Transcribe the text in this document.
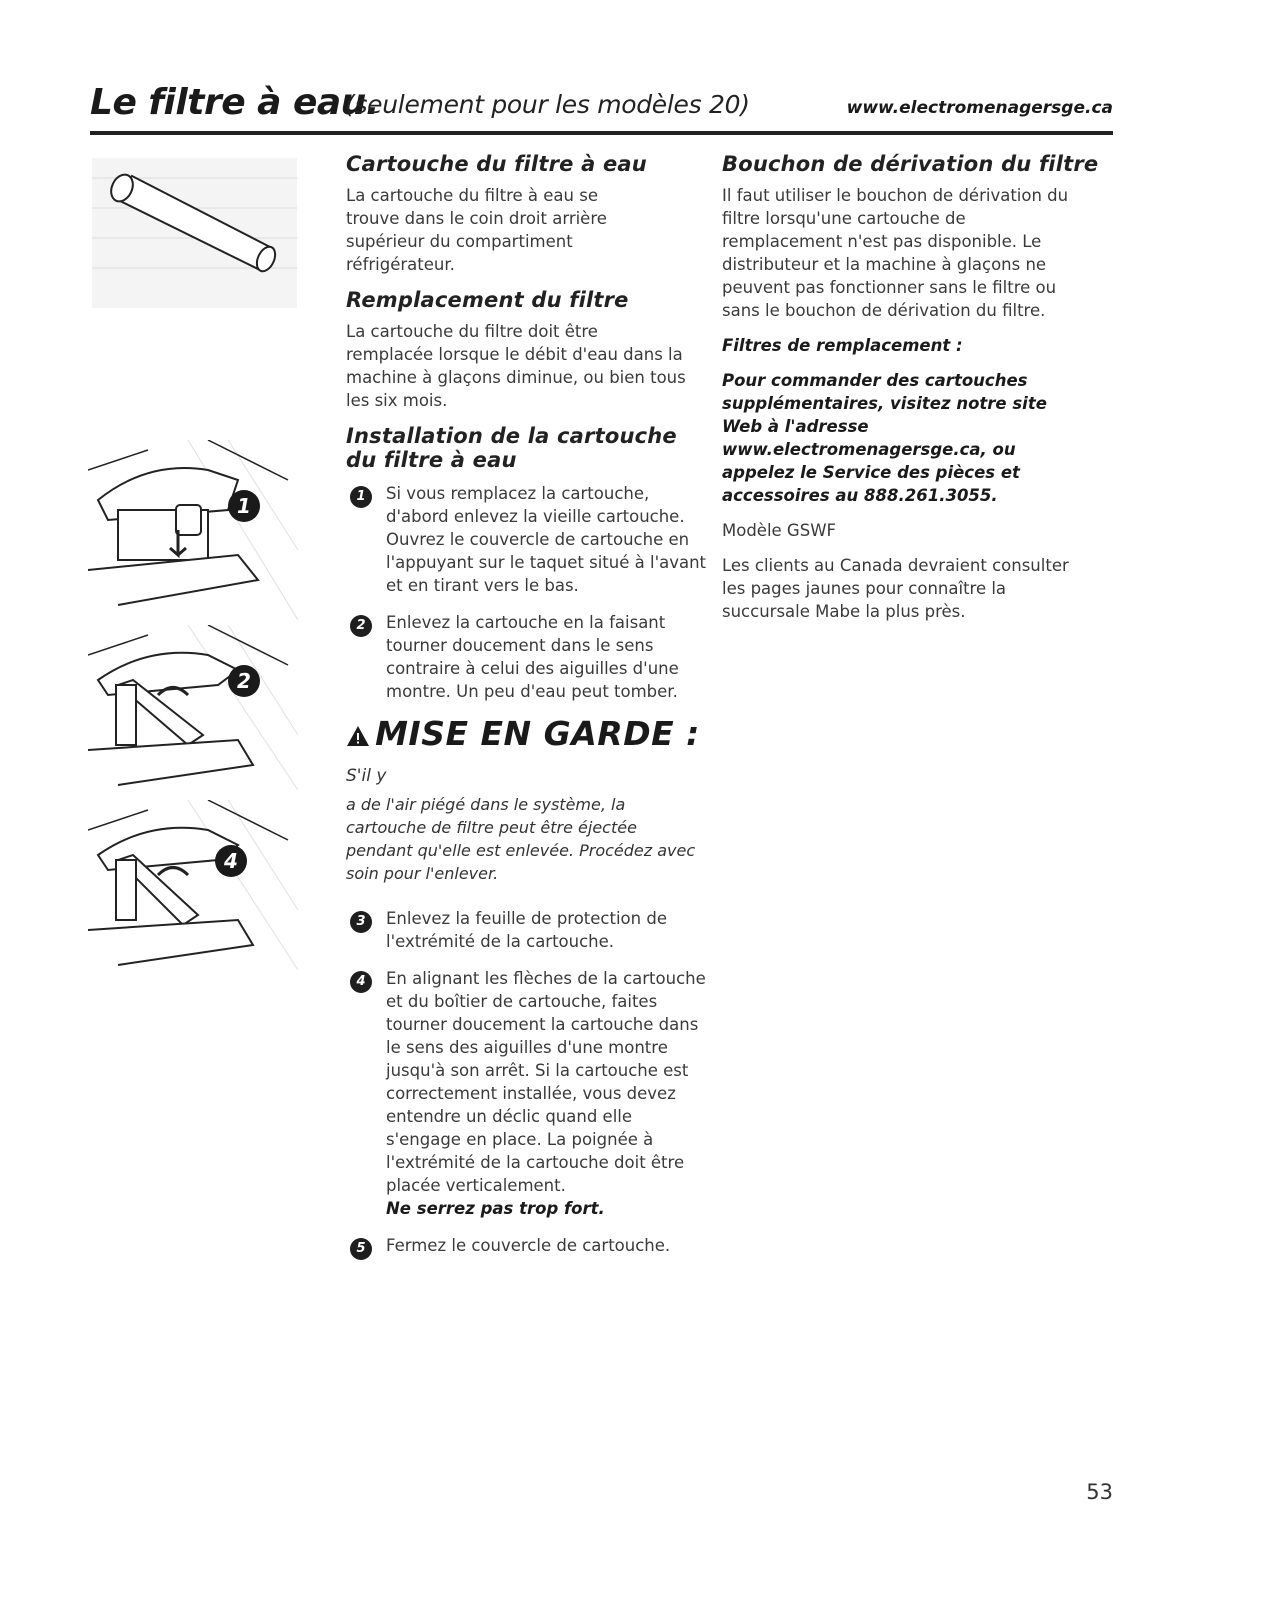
Le filtre à eau.
(seulement pour les modèles 20)	www.electromenagersge.ca
1
2
4
Cartouche du filtre à eau
La cartouche du filtre à eau se trouve dans le coin droit arrière supérieur du compartiment réfrigérateur.
Remplacement du filtre
La cartouche du filtre doit être remplacée lorsque le débit d'eau dans la machine à glaçons diminue, ou bien tous les six mois.
Installation de la cartouche
du filtre à eau
1	Si vous remplacez la cartouche, d'abord enlevez la vieille cartouche. Ouvrez le couvercle de cartouche en l'appuyant sur le taquet situé à l'avant et en tirant vers le bas.
2	Enlevez la cartouche en la faisant tourner doucement dans le sens contraire à celui des aiguilles d'une montre. Un peu d'eau peut tomber.
MISE EN GARDE : S'il y
a de l'air piégé dans le système, la cartouche de filtre peut être éjectée pendant qu'elle est enlevée. Procédez avec soin pour l'enlever.
3	Enlevez la feuille de protection de l'extrémité de la cartouche.
4	En alignant les flèches de la cartouche et du boîtier de cartouche, faites tourner doucement la cartouche dans le sens des aiguilles d'une montre jusqu'à son arrêt. Si la cartouche est correctement installée, vous devez entendre un déclic quand elle s'engage en place. La poignée à l'extrémité de la cartouche doit être placée verticalement.
Ne serrez pas trop fort.
5	Fermez le couvercle de cartouche.
Bouchon de dérivation du filtre
Il faut utiliser le bouchon de dérivation du filtre lorsqu'une cartouche de remplacement n'est pas disponible. Le distributeur et la machine à glaçons ne peuvent pas fonctionner sans le filtre ou sans le bouchon de dérivation du filtre.
Filtres de remplacement :
Pour commander des cartouches supplémentaires, visitez notre site Web à l'adresse www.electromenagersge.ca, ou appelez le Service des pièces et accessoires au 888.261.3055.
Modèle GSWF
Les clients au Canada devraient consulter les pages jaunes pour connaître la succursale Mabe la plus près.
53
